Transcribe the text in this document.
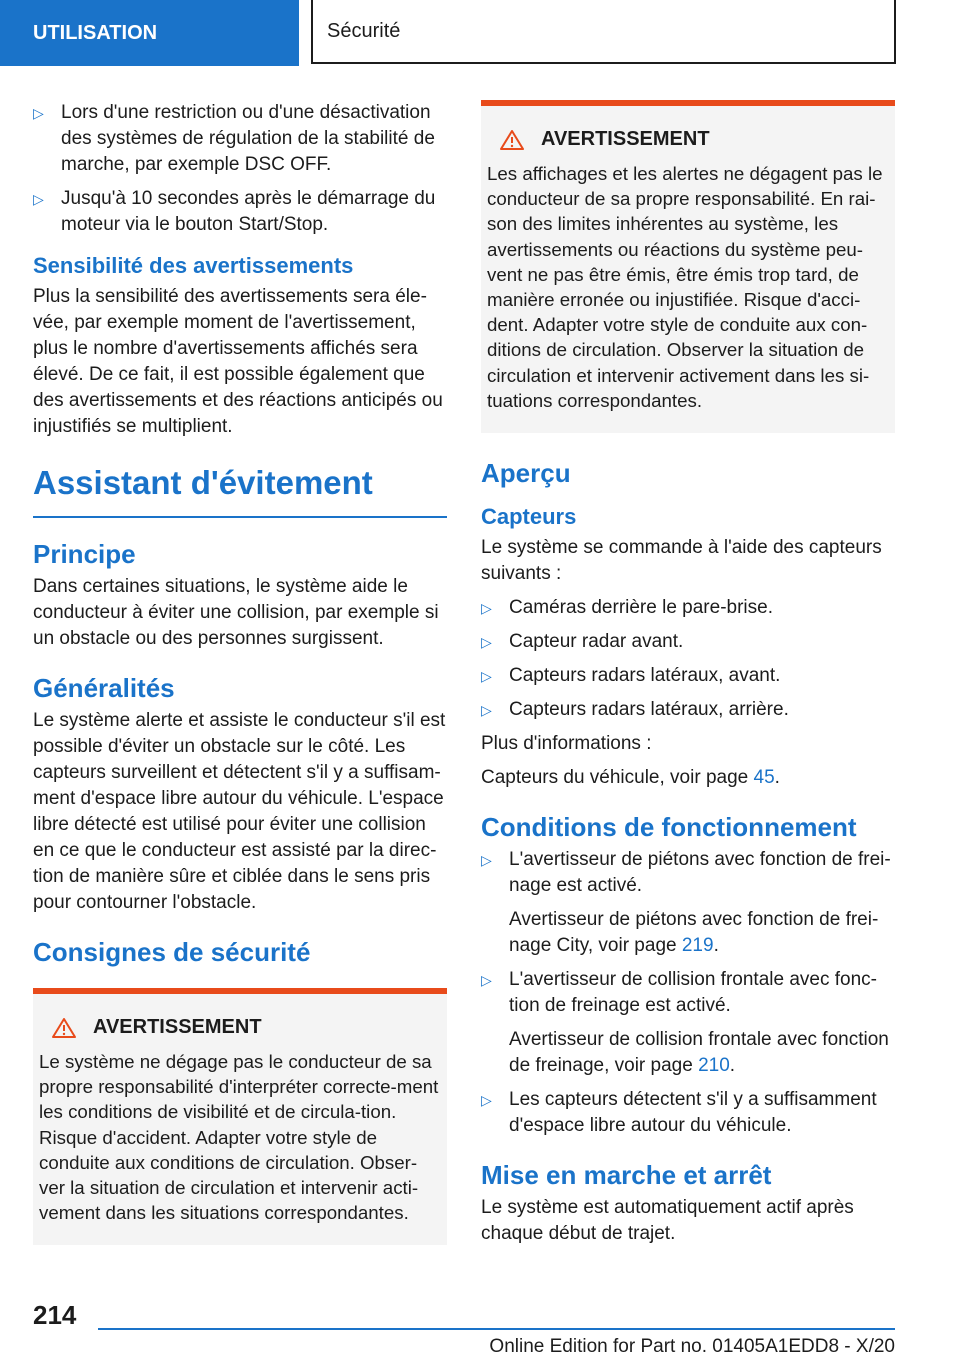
UTILISATION	Sécurité
▷ Lors d'une restriction ou d'une désactivation des systèmes de régulation de la stabilité de marche, par exemple DSC OFF.
▷ Jusqu'à 10 secondes après le démarrage du moteur via le bouton Start/Stop.
Sensibilité des avertissements

Plus la sensibilité des avertissements sera éle-vée, par exemple moment de l'avertissement, plus le nombre d'avertissements affichés sera élevé. De ce fait, il est possible également que des avertissements et des réactions anticipés ou injustifiés se multiplient.

Assistant d'évitement
Principe

Dans certaines situations, le système aide le conducteur à éviter une collision, par exemple si un obstacle ou des personnes surgissent.

Généralités

Le système alerte et assiste le conducteur s'il est possible d'éviter un obstacle sur le côté. Les capteurs surveillent et détectent s'il y a suffisam-ment d'espace libre autour du véhicule. L'espace libre détecté est utilisé pour éviter une collision en ce que le conducteur est assisté par la direc-tion de manière sûre et ciblée dans le sens pris pour contourner l'obstacle.

Consignes de sécurité
AVERTISSEMENT

Le système ne dégage pas le conducteur de sa propre responsabilité d'interpréter correcte-ment les conditions de visibilité et de circula-tion. Risque d'accident. Adapter votre style de conduite aux conditions de circulation. Obser-ver la situation de circulation et intervenir acti-vement dans les situations correspondantes.

AVERTISSEMENT

Les affichages et les alertes ne dégagent pas le conducteur de sa propre responsabilité. En rai-son des limites inhérentes au système, les avertissements ou réactions du système peu-vent ne pas être émis, être émis trop tard, de manière erronée ou injustifiée. Risque d'acci-dent. Adapter votre style de conduite aux con-ditions de circulation. Observer la situation de circulation et intervenir activement dans les si-tuations correspondantes.

Aperçu
Capteurs

Le système se commande à l'aide des capteurs suivants :

▷ Caméras derrière le pare-brise.
▷ Capteur radar avant.
▷ Capteurs radars latéraux, avant.
▷ Capteurs radars latéraux, arrière.

Plus d'informations :

Capteurs du véhicule, voir page 45.

Conditions de fonctionnement
▷ L'avertisseur de piétons avec fonction de frei-nage est activé.
Avertisseur de piétons avec fonction de frei-nage City, voir page 219.
▷ L'avertisseur de collision frontale avec fonc-tion de freinage est activé.
Avertisseur de collision frontale avec fonction de freinage, voir page 210.
▷ Les capteurs détectent s'il y a suffisamment d'espace libre autour du véhicule.
Mise en marche et arrêt

Le système est automatiquement actif après chaque début de trajet.

214
Online Edition for Part no. 01405A1EDD8 - X/20
